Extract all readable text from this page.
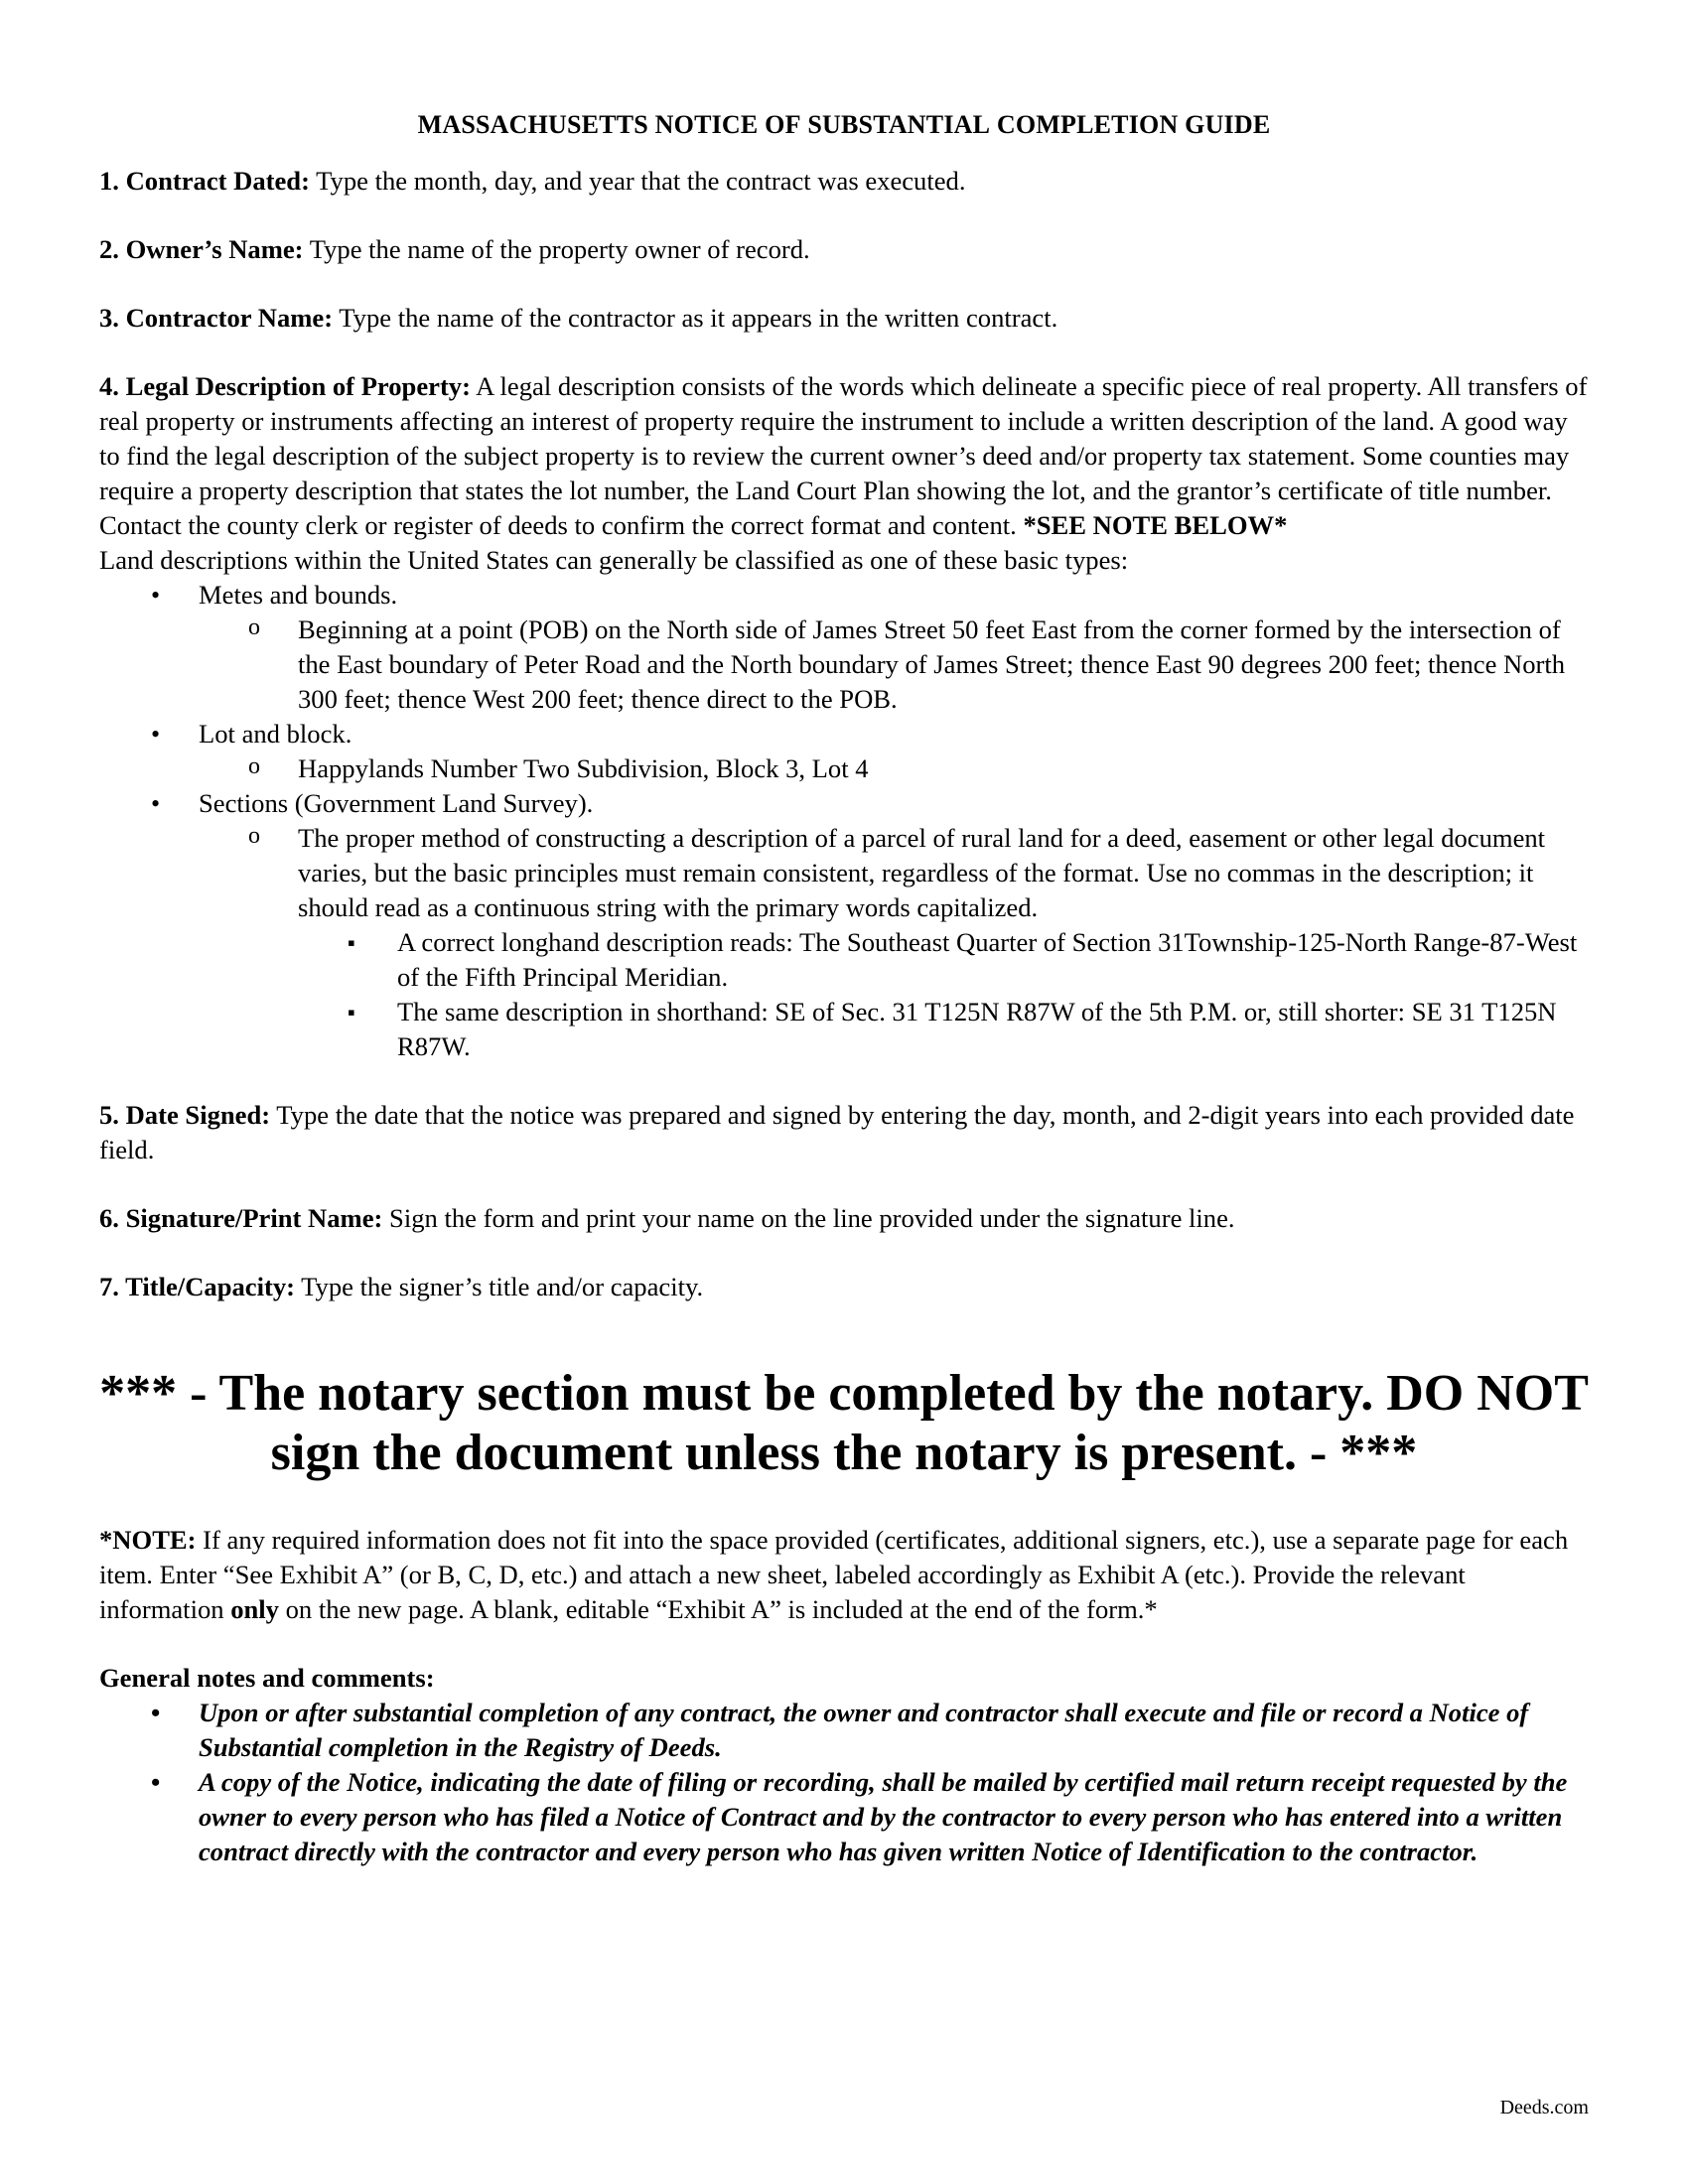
MASSACHUSETTS NOTICE OF SUBSTANTIAL COMPLETION GUIDE

1. Contract Dated: Type the month, day, and year that the contract was executed.

2. Owner’s Name: Type the name of the property owner of record.

3. Contractor Name: Type the name of the contractor as it appears in the written contract.

4. Legal Description of Property: A legal description consists of the words which delineate a specific piece of real property. All transfers of real property or instruments affecting an interest of property require the instrument to include a written description of the land. A good way to find the legal description of the subject property is to review the current owner’s deed and/or property tax statement. Some counties may require a property description that states the lot number, the Land Court Plan showing the lot, and the grantor’s certificate of title number. Contact the county clerk or register of deeds to confirm the correct format and content. *SEE NOTE BELOW*

Land descriptions within the United States can generally be classified as one of these basic types:

• Metes and bounds.
o Beginning at a point (POB) on the North side of James Street 50 feet East from the corner formed by the intersection of the East boundary of Peter Road and the North boundary of James Street; thence East 90 degrees 200 feet; thence North 300 feet; thence West 200 feet; thence direct to the POB.
• Lot and block.
o Happylands Number Two Subdivision, Block 3, Lot 4
• Sections (Government Land Survey).
o The proper method of constructing a description of a parcel of rural land for a deed, easement or other legal document varies, but the basic principles must remain consistent, regardless of the format. Use no commas in the description; it should read as a continuous string with the primary words capitalized.
▪ A correct longhand description reads: The Southeast Quarter of Section 31Township-125-North Range-87-West of the Fifth Principal Meridian.
▪ The same description in shorthand: SE of Sec. 31 T125N R87W of the 5th P.M. or, still shorter: SE 31 T125N R87W.

5. Date Signed: Type the date that the notice was prepared and signed by entering the day, month, and 2-digit years into each provided date field.

6. Signature/Print Name: Sign the form and print your name on the line provided under the signature line.

7. Title/Capacity: Type the signer’s title and/or capacity.

*** - The notary section must be completed by the notary. DO NOT sign the document unless the notary is present. - ***

*NOTE: If any required information does not fit into the space provided (certificates, additional signers, etc.), use a separate page for each item. Enter “See Exhibit A” (or B, C, D, etc.) and attach a new sheet, labeled accordingly as Exhibit A (etc.). Provide the relevant information only on the new page. A blank, editable “Exhibit A” is included at the end of the form.*

General notes and comments:

• Upon or after substantial completion of any contract, the owner and contractor shall execute and file or record a Notice of Substantial completion in the Registry of Deeds.
• A copy of the Notice, indicating the date of filing or recording, shall be mailed by certified mail return receipt requested by the owner to every person who has filed a Notice of Contract and by the contractor to every person who has entered into a written contract directly with the contractor and every person who has given written Notice of Identification to the contractor.
Deeds.com
